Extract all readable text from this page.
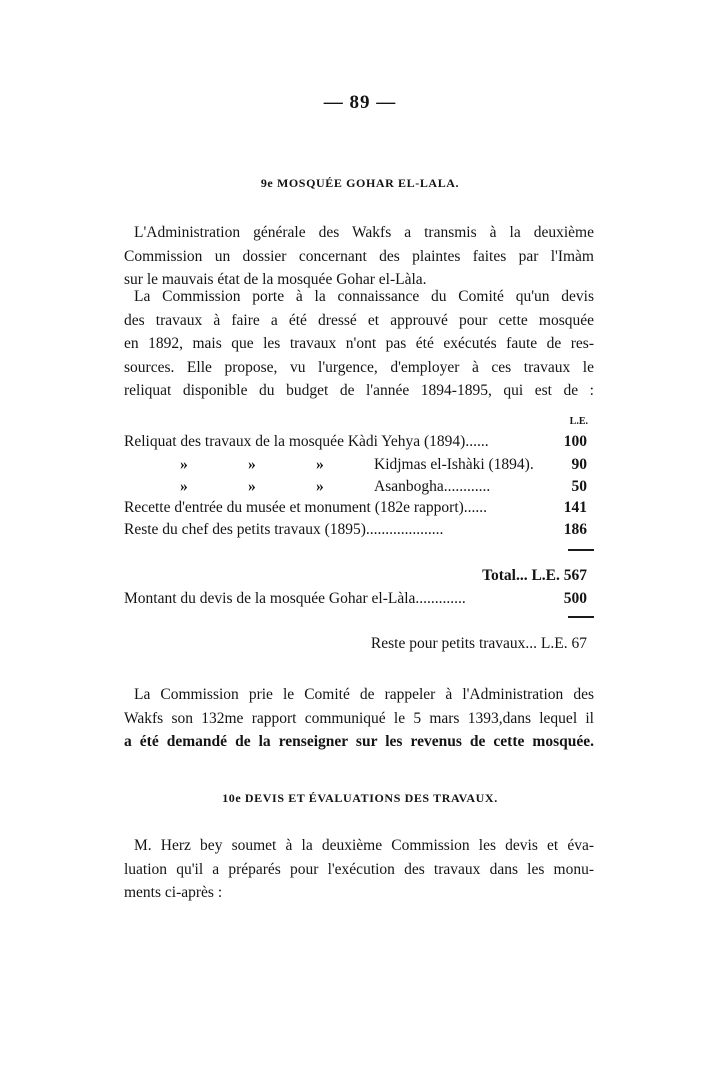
— 89 —
9e MOSQUÉE GOHAR EL-LALA.
L'Administration générale des Wakfs a transmis à la deuxième
Commission un dossier concernant des plaintes faites par l'Imàm
sur le mauvais état de la mosquée Gohar el-Làla.
La Commission porte à la connaissance du Comité qu'un devis
des travaux à faire a été dressé et approuvé pour cette mosquée
en 1892, mais que les travaux n'ont pas été exécutés faute de res-
sources. Elle propose, vu l'urgence, d'employer à ces travaux le
reliquat disponible du budget de l'année 1894-1895, qui est de :
L.E.
Reliquat des travaux de la mosquée Kàdi Yehya (1894)......	100
»	»	»	Kidjmas el-Ishàki (1894). 90
»	»	»	Asanbogha............	50
Recette d'entrée du musée et monument (182e rapport)......	141
Reste du chef des petits travaux (1895)....................	186
Total... L.E. 567
Montant du devis de la mosquée Gohar el-Làla.............	500
Reste pour petits travaux... L.E. 67
La Commission prie le Comité de rappeler à l'Administration des
Wakfs son 132me rapport communiqué le 5 mars 1393,dans lequel il
a été demandé de la renseigner sur les revenus de cette mosquée.
10e DEVIS ET ÉVALUATIONS DES TRAVAUX.
M. Herz bey soumet à la deuxième Commission les devis et éva-
luation qu'il a préparés pour l'exécution des travaux dans les monu-
ments ci-après :
